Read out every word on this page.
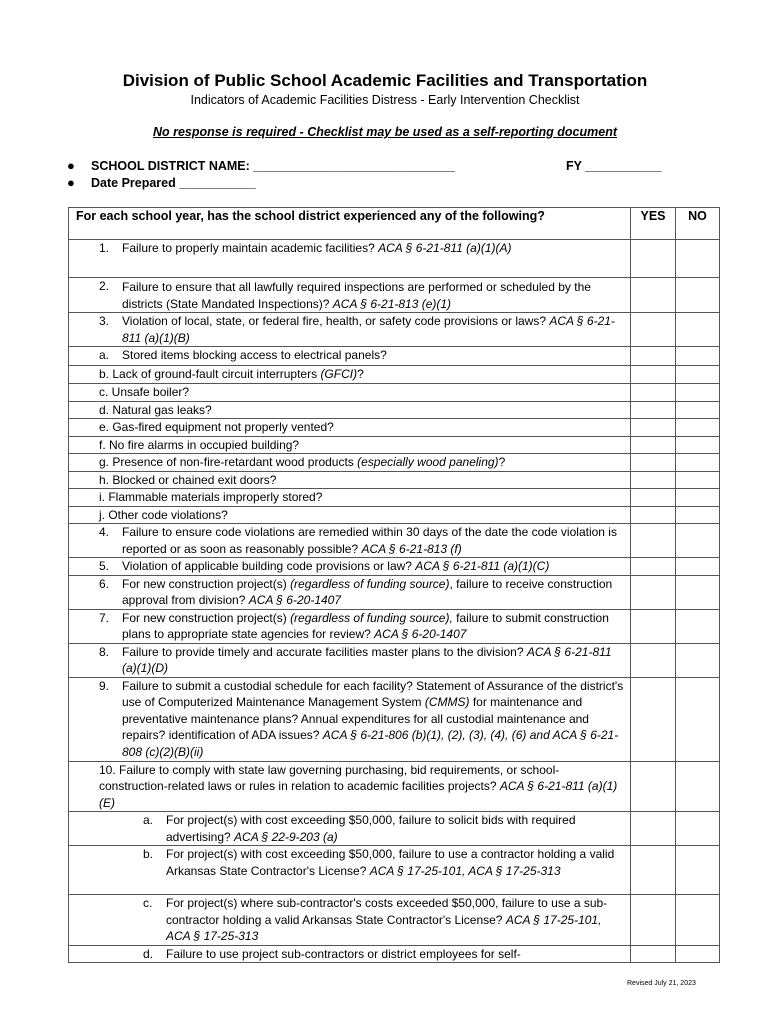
Division of Public School Academic Facilities and Transportation
Indicators of Academic Facilities Distress - Early Intervention Checklist
No response is required - Checklist may be used as a self-reporting document
● SCHOOL DISTRICT NAME: _____________________________	FY ___________
● Date Prepared ___________
For each school year, has the school district experienced any of the following?	YES	NO

1. Failure to properly maintain academic facilities? ACA § 6-21-811 (a)(1)(A)		

2. Failure to ensure that all lawfully required inspections are performed or scheduled by the districts (State Mandated Inspections)? ACA § 6-21-813 (e)(1)		

3. Violation of local, state, or federal fire, health, or safety code provisions or laws? ACA § 6-21-811 (a)(1)(B)		

a. Stored items blocking access to electrical panels?		

b. Lack of ground-fault circuit interrupters (GFCI)?		

c. Unsafe boiler?		

d. Natural gas leaks?		

e. Gas-fired equipment not properly vented?		

f. No fire alarms in occupied building?		

g. Presence of non-fire-retardant wood products (especially wood paneling)?		

h. Blocked or chained exit doors?		

i. Flammable materials improperly stored?		

j. Other code violations?		

4. Failure to ensure code violations are remedied within 30 days of the date the code violation is reported or as soon as reasonably possible? ACA § 6-21-813 (f)		

5. Violation of applicable building code provisions or law? ACA § 6-21-811 (a)(1)(C)		

6. For new construction project(s) (regardless of funding source), failure to receive construction approval from division? ACA § 6-20-1407		

7. For new construction project(s) (regardless of funding source), failure to submit construction plans to appropriate state agencies for review? ACA § 6-20-1407		

8. Failure to provide timely and accurate facilities master plans to the division? ACA § 6-21-811 (a)(1)(D)		

9. Failure to submit a custodial schedule for each facility? Statement of Assurance of the district's use of Computerized Maintenance Management System (CMMS) for maintenance and preventative maintenance plans? Annual expenditures for all custodial maintenance and repairs? identification of ADA issues? ACA § 6-21-806 (b)(1), (2), (3), (4), (6) and ACA § 6-21-808 (c)(2)(B)(ii)		

10. Failure to comply with state law governing purchasing, bid requirements, or school-construction-related laws or rules in relation to academic facilities projects? ACA § 6-21-811 (a)(1)(E)		

a. For project(s) with cost exceeding $50,000, failure to solicit bids with required advertising? ACA § 22-9-203 (a)		

b. For project(s) with cost exceeding $50,000, failure to use a contractor holding a valid Arkansas State Contractor's License? ACA § 17-25-101, ACA § 17-25-313		

c. For project(s) where sub-contractor's costs exceeded $50,000, failure to use a sub-contractor holding a valid Arkansas State Contractor's License? ACA § 17-25-101, ACA § 17-25-313		

d. Failure to use project sub-contractors or district employees for self-		

Revised July 21, 2023
